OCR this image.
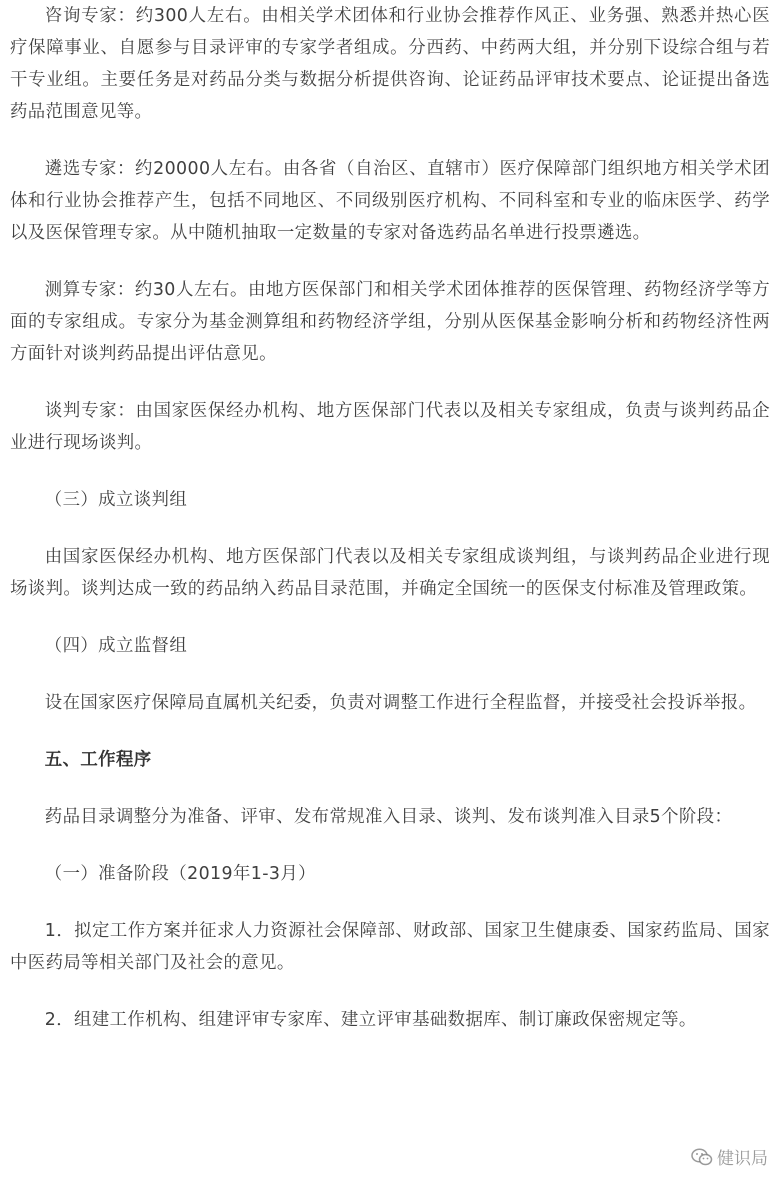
咨询专家：约300人左右。由相关学术团体和行业协会推荐作风正、业务强、熟悉并热心医疗保障事业、自愿参与目录评审的专家学者组成。分西药、中药两大组，并分别下设综合组与若干专业组。主要任务是对药品分类与数据分析提供咨询、论证药品评审技术要点、论证提出备选药品范围意见等。

遴选专家：约20000人左右。由各省（自治区、直辖市）医疗保障部门组织地方相关学术团体和行业协会推荐产生，包括不同地区、不同级别医疗机构、不同科室和专业的临床医学、药学以及医保管理专家。从中随机抽取一定数量的专家对备选药品名单进行投票遴选。

测算专家：约30人左右。由地方医保部门和相关学术团体推荐的医保管理、药物经济学等方面的专家组成。专家分为基金测算组和药物经济学组，分别从医保基金影响分析和药物经济性两方面针对谈判药品提出评估意见。

谈判专家：由国家医保经办机构、地方医保部门代表以及相关专家组成，负责与谈判药品企业进行现场谈判。

（三）成立谈判组

由国家医保经办机构、地方医保部门代表以及相关专家组成谈判组，与谈判药品企业进行现场谈判。谈判达成一致的药品纳入药品目录范围，并确定全国统一的医保支付标准及管理政策。

（四）成立监督组

设在国家医疗保障局直属机关纪委，负责对调整工作进行全程监督，并接受社会投诉举报。

五、工作程序

药品目录调整分为准备、评审、发布常规准入目录、谈判、发布谈判准入目录5个阶段：

（一）准备阶段（2019年1-3月）

1．拟定工作方案并征求人力资源社会保障部、财政部、国家卫生健康委、国家药监局、国家中医药局等相关部门及社会的意见。

2．组建工作机构、组建评审专家库、建立评审基础数据库、制订廉政保密规定等。

健识局
